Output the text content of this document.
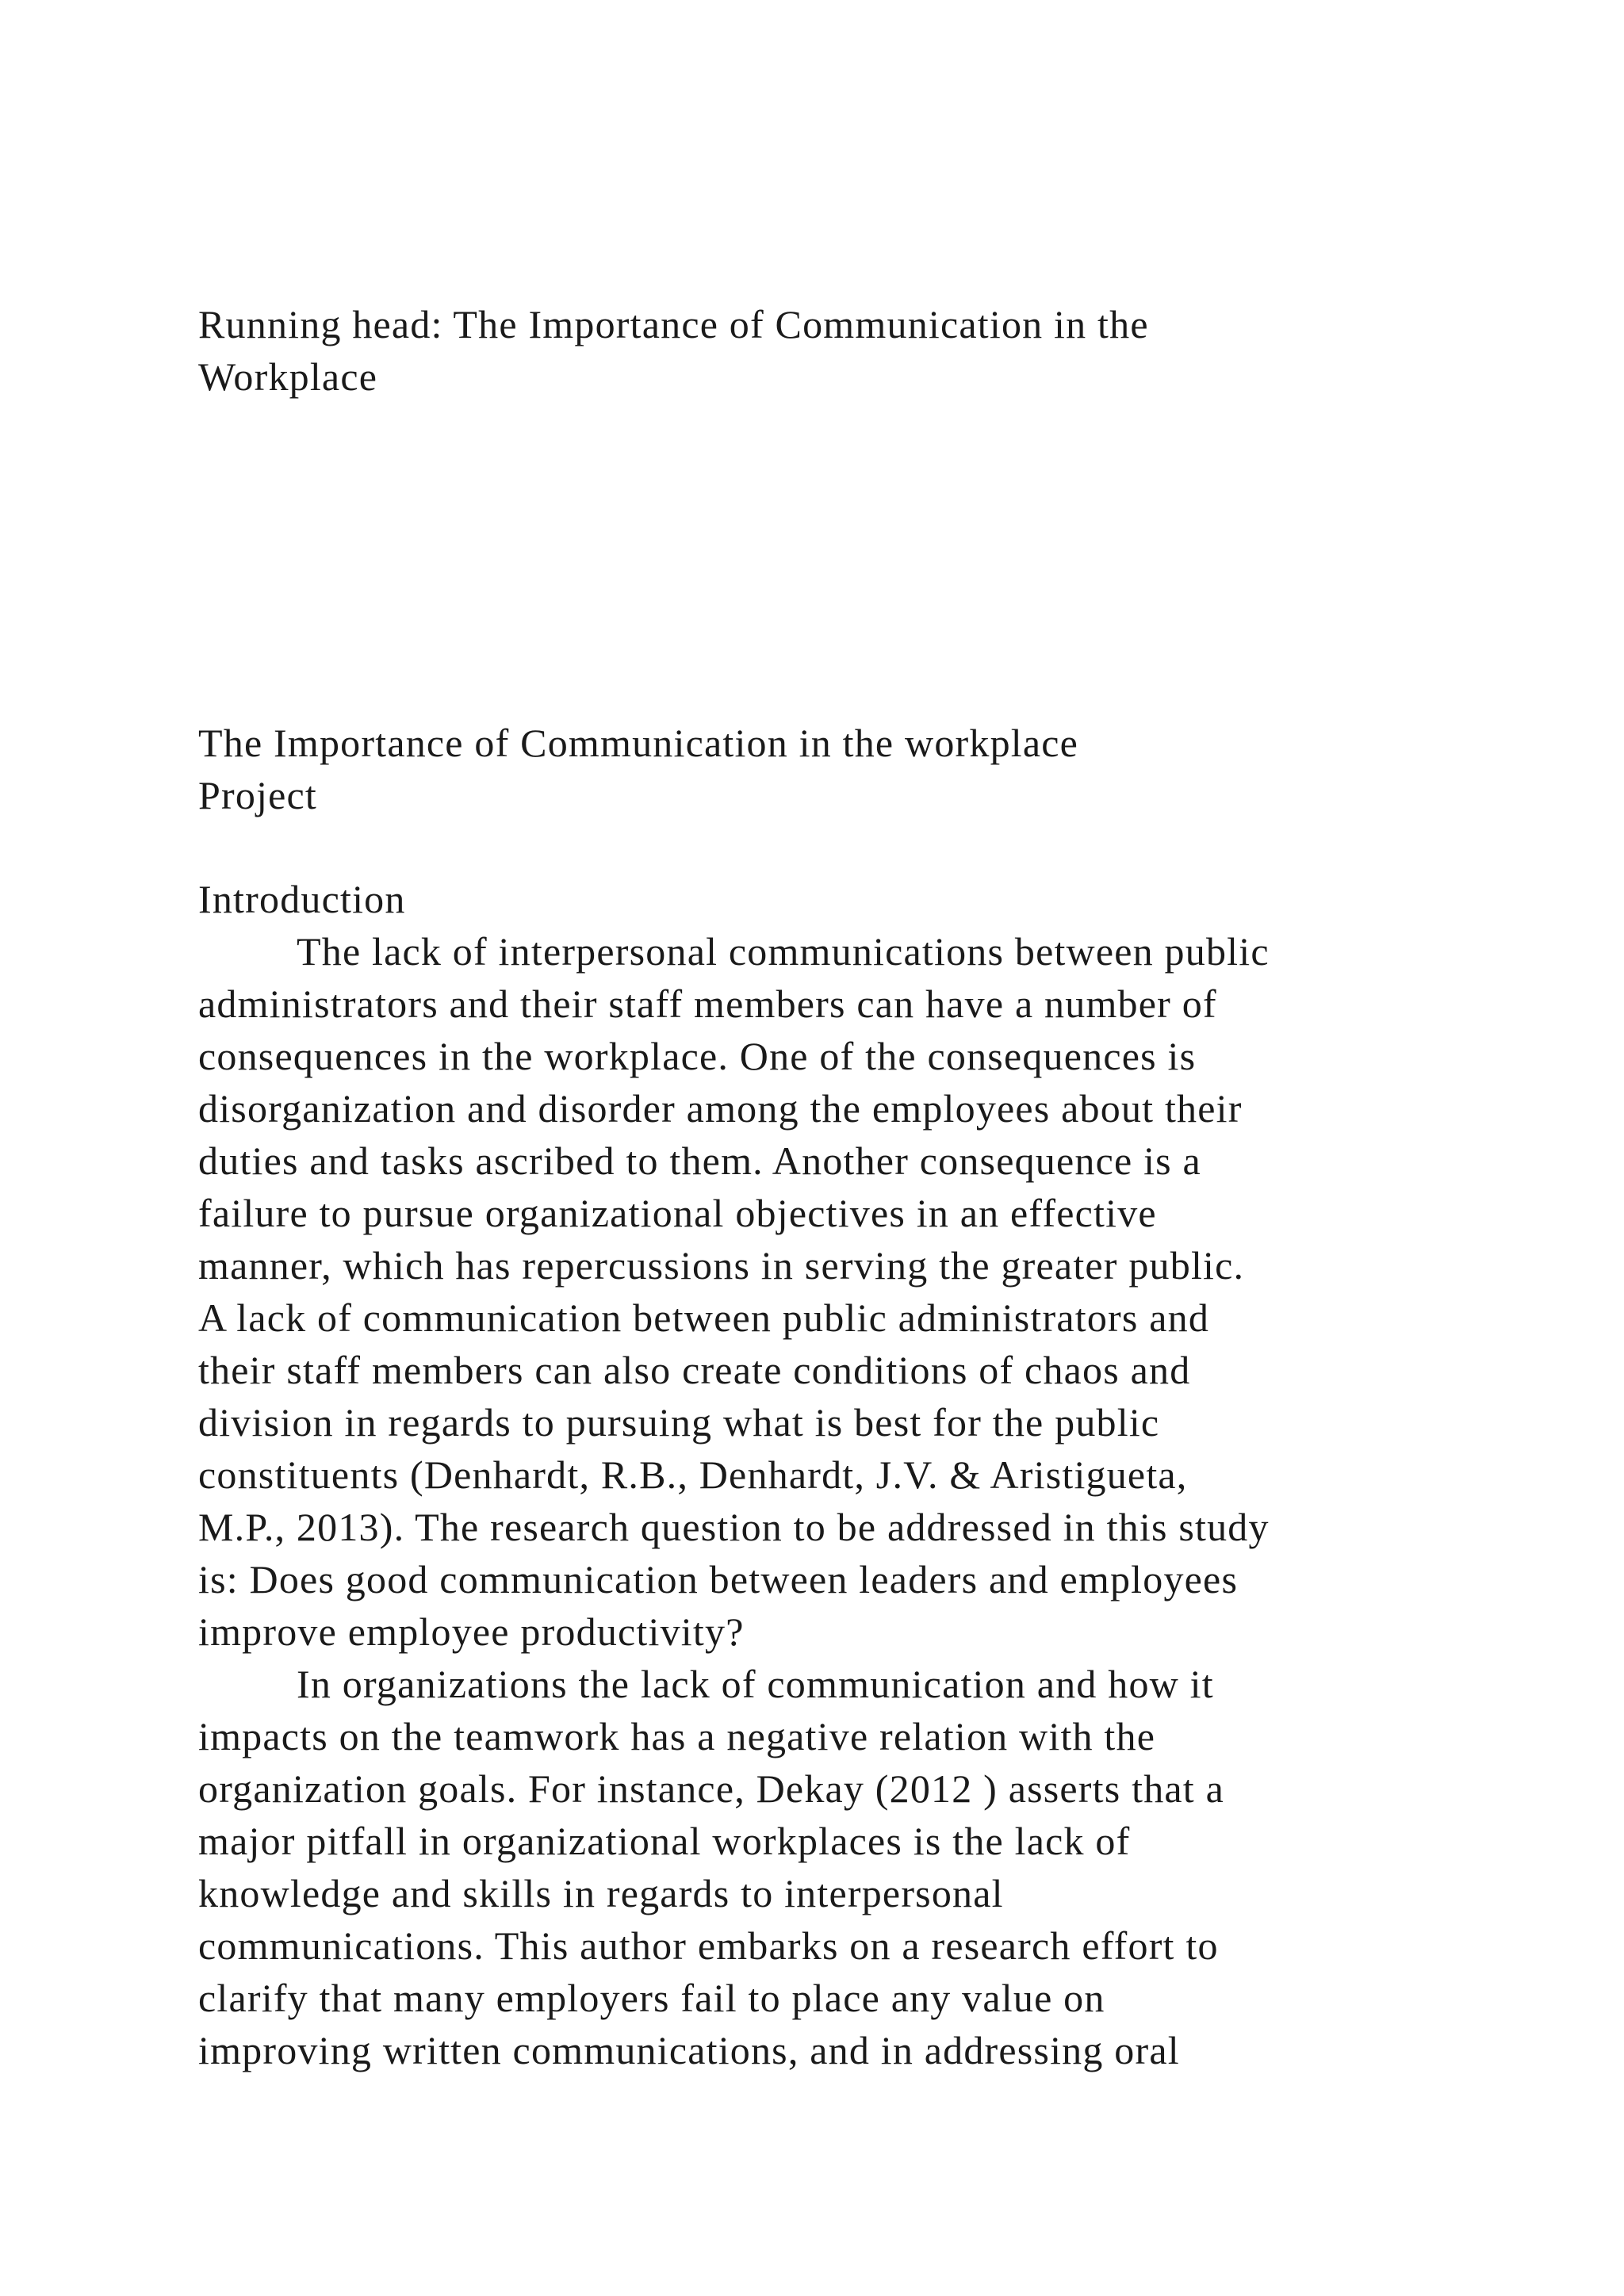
Running head: The Importance of Communication in the
Workplace
The Importance of Communication in the workplace
Project
Introduction
The lack of interpersonal communications between public
administrators and their staff members can have a number of
consequences in the workplace. One of the consequences is
disorganization and disorder among the employees about their
duties and tasks ascribed to them. Another consequence is a
failure to pursue organizational objectives in an effective
manner, which has repercussions in serving the greater public.
A lack of communication between public administrators and
their staff members can also create conditions of chaos and
division in regards to pursuing what is best for the public
constituents (Denhardt, R.B., Denhardt, J.V. & Aristigueta,
M.P., 2013). The research question to be addressed in this study
is: Does good communication between leaders and employees
improve employee productivity?
In organizations the lack of communication and how it
impacts on the teamwork has a negative relation with the
organization goals. For instance, Dekay (2012 ) asserts that a
major pitfall in organizational workplaces is the lack of
knowledge and skills in regards to interpersonal
communications. This author embarks on a research effort to
clarify that many employers fail to place any value on
improving written communications, and in addressing oral
